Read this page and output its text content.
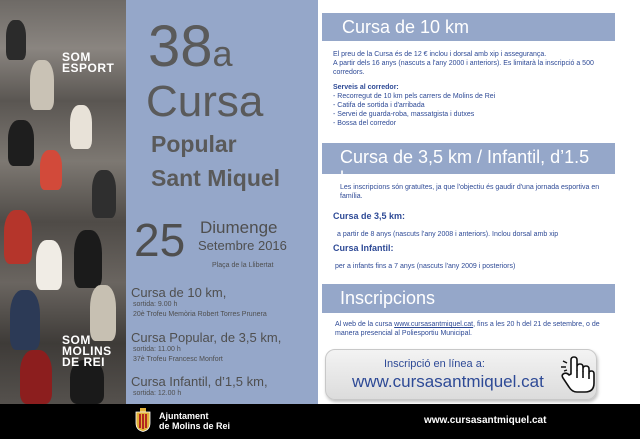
SOM
ESPORT
SOM
MOLINS
DE REI
38a
Cursa
Popular
Sant Miquel
25 Diumenge
Setembre 2016
Plaça de la Llibertat
Cursa de 10 km,
sortida: 9.00 h
20è Trofeu Memòria Robert Torres Prunera
Cursa Popular, de 3,5 km,
sortida: 11.00 h
37è Trofeu Francesc Monfort
Cursa Infantil, d’1,5 km,
sortida: 12.00 h
Cursa de 10 km
El preu de la Cursa és de 12 € inclou i dorsal amb xip i assegurança.
A partir dels 16 anys (nascuts a l'any 2000 i anteriors). Es limitarà la inscripció a 500 corredors.
Serveis al corredor:
- Recorregut de 10 km pels carrers de Molins de Rei
- Catifa de sortida i d'arribada
- Servei de guarda-roba, massatgista i dutxes
- Bossa del corredor
Cursa de 3,5 km / Infantil, d’1.5 km
Les inscripcions són gratuïtes, ja que l'objectiu és gaudir d'una jornada esportiva en família.
Cursa de 3,5 km:
a partir de 8 anys (nascuts l'any 2008 i anteriors). Inclou dorsal amb xip
Cursa Infantil:
per a infants fins a 7 anys (nascuts l'any 2009 i posteriors)
Inscripcions
Al web de la cursa www.cursasantmiquel.cat, fins a les 20 h del 21 de setembre, o de manera presencial al Poliesportiu Municipal.
Inscripció en línea a:
www.cursasantmiquel.cat
Ajuntament
de Molins de Rei	www.cursasantmiquel.cat
